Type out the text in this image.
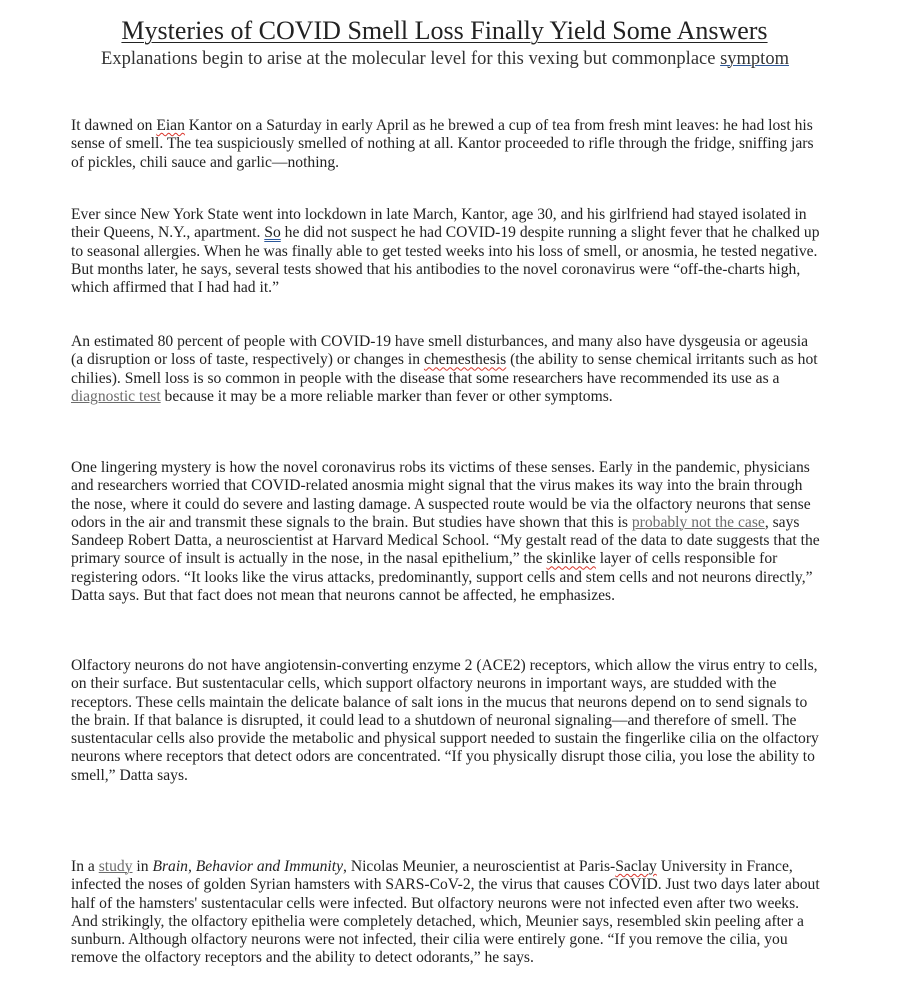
Mysteries of COVID Smell Loss Finally Yield Some Answers
Explanations begin to arise at the molecular level for this vexing but commonplace symptom

It dawned on Eian Kantor on a Saturday in early April as he brewed a cup of tea from fresh mint leaves: he had lost his sense of smell. The tea suspiciously smelled of nothing at all. Kantor proceeded to rifle through the fridge, sniffing jars of pickles, chili sauce and garlic—nothing.

Ever since New York State went into lockdown in late March, Kantor, age 30, and his girlfriend had stayed isolated in their Queens, N.Y., apartment. So he did not suspect he had COVID-19 despite running a slight fever that he chalked up to seasonal allergies. When he was finally able to get tested weeks into his loss of smell, or anosmia, he tested negative. But months later, he says, several tests showed that his antibodies to the novel coronavirus were “off-the-charts high, which affirmed that I had had it.”

An estimated 80 percent of people with COVID-19 have smell disturbances, and many also have dysgeusia or ageusia (a disruption or loss of taste, respectively) or changes in chemesthesis (the ability to sense chemical irritants such as hot chilies). Smell loss is so common in people with the disease that some researchers have recommended its use as a diagnostic test because it may be a more reliable marker than fever or other symptoms.

One lingering mystery is how the novel coronavirus robs its victims of these senses. Early in the pandemic, physicians and researchers worried that COVID-related anosmia might signal that the virus makes its way into the brain through the nose, where it could do severe and lasting damage. A suspected route would be via the olfactory neurons that sense odors in the air and transmit these signals to the brain. But studies have shown that this is probably not the case, says Sandeep Robert Datta, a neuroscientist at Harvard Medical School. “My gestalt read of the data to date suggests that the primary source of insult is actually in the nose, in the nasal epithelium,” the skinlike layer of cells responsible for registering odors. “It looks like the virus attacks, predominantly, support cells and stem cells and not neurons directly,” Datta says. But that fact does not mean that neurons cannot be affected, he emphasizes.

Olfactory neurons do not have angiotensin-converting enzyme 2 (ACE2) receptors, which allow the virus entry to cells, on their surface. But sustentacular cells, which support olfactory neurons in important ways, are studded with the receptors. These cells maintain the delicate balance of salt ions in the mucus that neurons depend on to send signals to the brain. If that balance is disrupted, it could lead to a shutdown of neuronal signaling—and therefore of smell. The sustentacular cells also provide the metabolic and physical support needed to sustain the fingerlike cilia on the olfactory neurons where receptors that detect odors are concentrated. “If you physically disrupt those cilia, you lose the ability to smell,” Datta says.

In a study in Brain, Behavior and Immunity, Nicolas Meunier, a neuroscientist at Paris-Saclay University in France, infected the noses of golden Syrian hamsters with SARS-CoV-2, the virus that causes COVID. Just two days later about half of the hamsters' sustentacular cells were infected. But olfactory neurons were not infected even after two weeks. And strikingly, the olfactory epithelia were completely detached, which, Meunier says, resembled skin peeling after a sunburn. Although olfactory neurons were not infected, their cilia were entirely gone. “If you remove the cilia, you remove the olfactory receptors and the ability to detect odorants,” he says.
